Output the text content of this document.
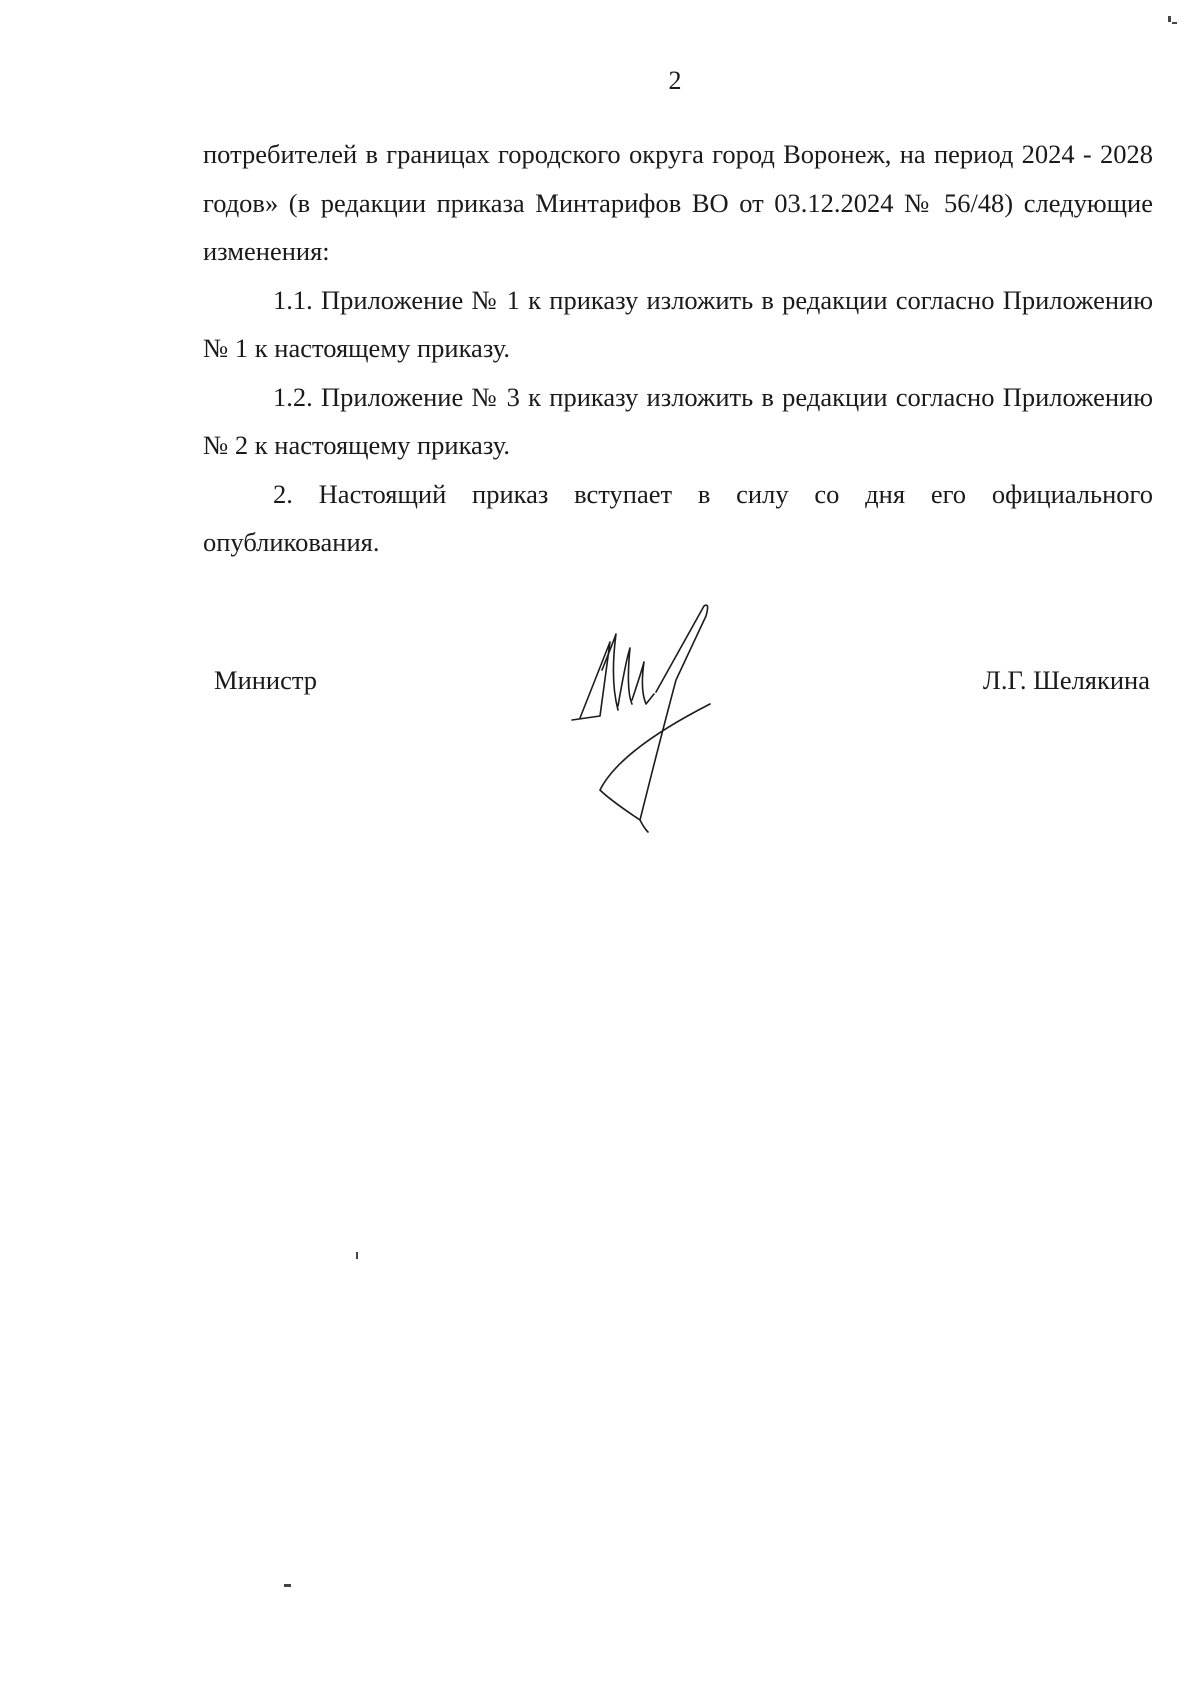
2

потребителей в границах городского округа город Воронеж, на период 2024 - 2028 годов» (в редакции приказа Минтарифов ВО от 03.12.2024 № 56/48) следующие изменения:

1.1. Приложение № 1 к приказу изложить в редакции согласно Приложению № 1 к настоящему приказу.

1.2. Приложение № 3 к приказу изложить в редакции согласно Приложению № 2 к настоящему приказу.

2. Настоящий приказ вступает в силу со дня его официального опубликования.

Министр	Л.Г. Шелякина
